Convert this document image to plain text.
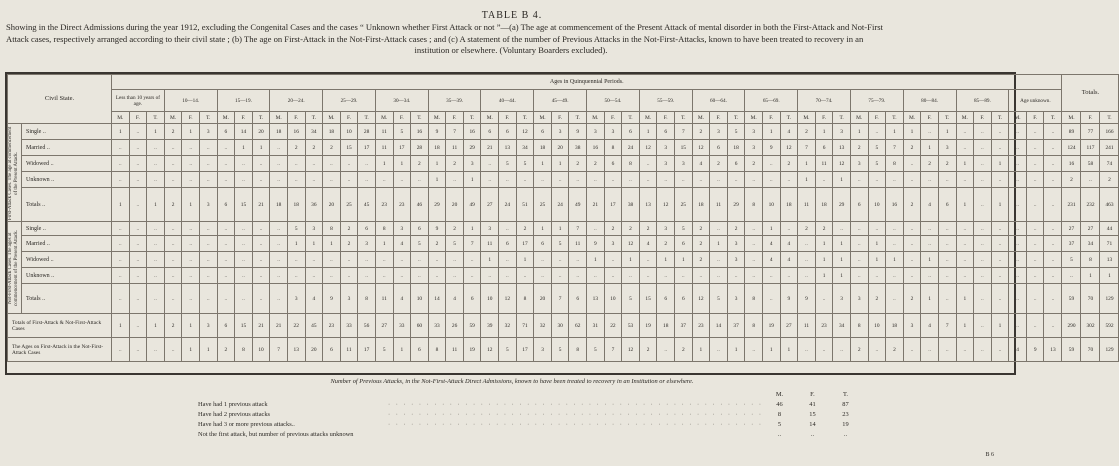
TABLE B 4.
Showing in the Direct Admissions during the year 1912, excluding the Congenital Cases and the cases “ Unknown whether First Attack or not ”—(a) The age at commencement of the Present Attack of mental disorder in both the First-Attack and Not-First
Attack cases, respectively arranged according to their civil state ; (b) The age on First-Attack in the Not-First-Attack cases ; and (c) A statement of the number of Previous Attacks in the Not-First-Attacks, known to have been treated to recovery in an
institution or elsewhere. (Voluntary Boarders excluded).
Civil State.		Ages in Quinquennial Periods.																																																						Totals.		
		Less than 10 years of age.			10—14.			15—19.			20—24.			25—29.			30—34.			35—39.			40—44.			45—49.			50—54.			55—59.			60—64.			65—69.			70—74.			75—79.			80—84.			85—89.			Age unknown.					
		M.	F.	T.	M.	F.	T.	M.	F.	T.	M.	F.	T.	M.	F.	T.	M.	F.	T.	M.	F.	T.	M.	F.	T.	M.	F.	T.	M.	F.	T.	M.	F.	T.	M.	F.	T.	M.	F.	T.	M.	F.	T.	M.	F.	T.	M.	F.	T.	M.	F.	T.	M.	F.	T.	M.	F.	T.

First-Attack Cases. The age at commencement of the Present Attack.	Single ..	1	..	1	2	1	3	6	14	20	18	16	34	18	10	28	11	5	16	9	7	16	6	6	12	6	3	9	3	3	6	1	6	7	2	3	5	3	1	4	2	1	3	1	..	1	1	..	1	..	..	..	..	..	..	89	77	166
	Married ..	..	..	..	..	..	..	..	1	1	..	2	2	2	15	17	11	17	28	18	11	29	21	13	34	18	20	38	16	8	24	12	3	15	12	6	18	3	9	12	7	6	13	2	5	7	2	1	3	..	..	..	..	..	..	124	117	241
	Widowed ..	..	..	..	..	..	..	..	..	..	..	..	..	..	..	..	1	1	2	1	2	3	..	5	5	1	1	2	2	6	8	..	3	3	4	2	6	2	..	2	1	11	12	3	5	8	..	2	2	1	..	1	..	..	..	16	58	74
	Unknown ..	..	..	..	..	..	..	..	..	..	..	..	..	..	..	..	..	..	..	1	..	1	..	..	..	..	..	..	..	..	..	..	..	..	..	..	..	..	..	..	1	..	1	..	..	..	..	..	..	..	..	..	..	..	..	2	..	2
	Totals ..	1	..	1	2	1	3	6	15	21	18	18	36	20	25	45	23	23	46	29	20	49	27	24	51	25	24	49	21	17	38	13	12	25	18	11	29	8	10	18	11	18	29	6	10	16	2	4	6	1	..	1	..	..	..	231	232	463

Not-First-Attack Cases. The ages at commencement of the Present Attack.	Single ..	..	..	..	..	..	..	..	..	..	..	5	3	8	2	6	8	3	6	9	2	1	3	..	2	1	1	7	..	2	2	2	3	5	2	..	2	..	1	..	2	2	..	..	..	..	..	..	..	..	..	..	..	..	..	27	27	44
	Married ..	..	..	..	..	..	..	..	..	..	..	1	1	1	2	3	1	4	5	2	5	7	11	6	17	6	5	11	9	3	12	4	2	6	2	1	3	..	4	4	..	1	1	..	1	..	..	..	..	..	..	..	..	..	..	37	34	71
	Widowed ..	..	..	..	..	..	..	..	..	..	..	..	..	..	..	..	..	..	..	..	..	..	1	..	1	..	..	..	1	..	1	..	1	1	2	..	3	..	4	4	..	1	1	..	1	1	..	1	..	..	..	..	..	..	..	5	8	13
	Unknown ..	..	..	..	..	..	..	..	..	..	..	..	..	..	..	..	..	..	..	..	..	..	..	..	..	..	..	..	..	..	..	..	..	..	..	..	..	..	..	..	..	1	1	..	..	..	..	..	..	..	..	..	..	..	..	..	1	1
	Totals ..	..	..	..	..	..	..	..	..	..	..	3	4	9	3	8	11	4	10	14	4	6	10	12	8	20	7	6	13	10	5	15	6	6	12	5	3	8	..	9	9	..	3	3	2	..	2	1	..	1	..	..	..	..	..	59	70	129
Totals of First-Attack & Not-First-Attack Cases		1	..	1	2	1	3	6	15	21	21	22	45	23	33	56	27	33	60	33	26	59	39	32	71	32	30	62	31	22	53	19	18	37	23	14	37	8	19	27	11	23	34	8	10	18	3	4	7	1	..	1	..	..	..	290	302	592
The Ages on First-Attack in the Not-First-Attack Cases		..	..	..	..	1	1	2	8	10	7	13	20	6	11	17	5	1	6	8	11	19	12	5	17	3	5	8	5	7	12	2	..	2	1	..	1	..	1	1	..	..	..	2	..	2	..	..	..	..	..	..	4	9	13	59	70	129
Number of Previous Attacks, in the Not-First-Attack Direct Admissions, known to have been treated to recovery in an Institution or elsewhere.
		M.	F.	T.
Have had 1 previous attack	· · · · · · · · · · · · · · · · · · · · · · · · · · · · · · · · · · · · · · · · · · · · · · · · ·	46	41	87
Have had 2 previous attacks	· · · · · · · · · · · · · · · · · · · · · · · · · · · · · · · · · · · · · · · · · · · · · · · · ·	8	15	23
Have had 3 or more previous attacks..	· · · · · · · · · · · · · · · · · · · · · · · · · · · · · · · · · · · · · · · · · · · · · · · · ·	5	14	19
Not the first attack, but number of previous attacks unknown		..	..	..
B 6
